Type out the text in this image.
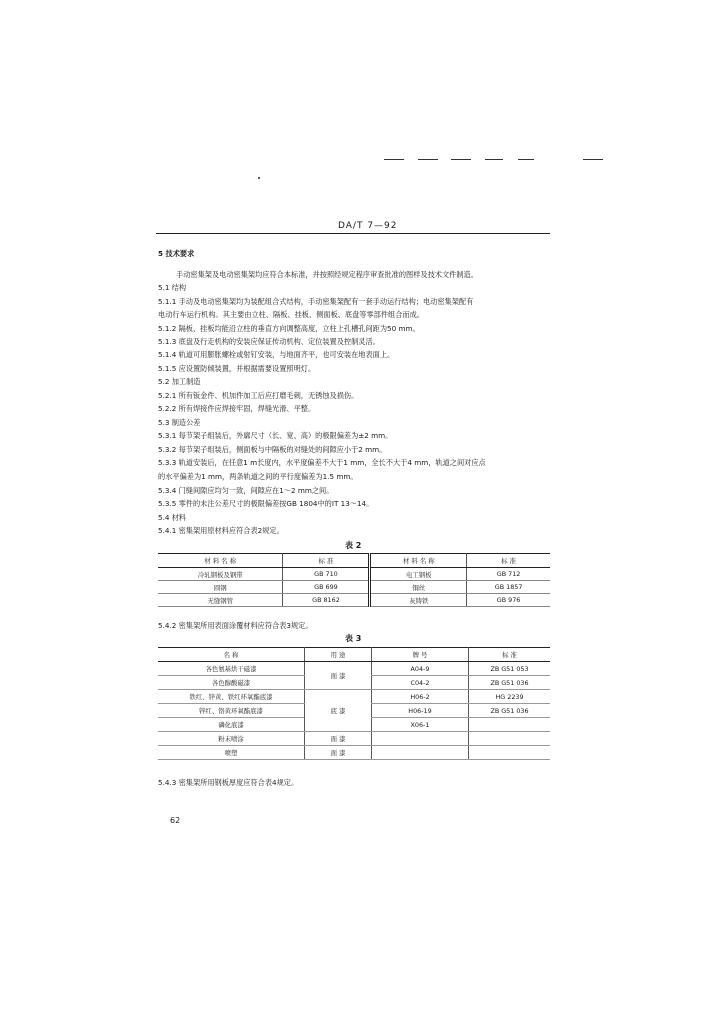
DA/T 7—92
5 技术要求
手动密集架及电动密集架均应符合本标准，并按照经规定程序审查批准的图样及技术文件制造。
5.1 结构
5.1.1 手动及电动密集架均为装配组合式结构，手动密集架配有一套手动运行结构；电动密集架配有
电动行车运行机构。其主要由立柱、隔板、挂板、侧面板、底盘等零部件组合而成。
5.1.2 隔板、挂板均能沿立柱的垂直方向调整高度，立柱上孔槽孔间距为50 mm。
5.1.3 底盘及行走机构的安装应保证传动机构、定位装置及控制灵活。
5.1.4 轨道可用膨胀螺栓或射钉安装，与地面齐平，也可安装在地表面上。
5.1.5 应设置防倾装置，并根据需要设置照明灯。
5.2 加工制造
5.2.1 所有钣金件、机加件加工后应打磨毛刺，无锈蚀及损伤。
5.2.2 所有焊接件应焊接牢固，焊缝光滑、平整。
5.3 制造公差
5.3.1 每节架子组装后，外廓尺寸（长、宽、高）的极限偏差为±2 mm。
5.3.2 每节架子组装后，侧面板与中隔板的对缝处的间隙应小于2 mm。
5.3.3 轨道安装后，在任意1 m长度内，水平度偏差不大于1 mm，全长不大于4 mm，轨道之间对应点
的水平偏差为1 mm，两条轨道之间的平行度偏差为1.5 mm。
5.3.4 门缝间隙应均匀一致，间隙应在1～2 mm之间。
5.3.5 零件的未注公差尺寸的极限偏差按GB 1804中的IT 13～14。
5.4 材料
5.4.1 密集架用原材料应符合表2规定。
表 2
材 料 名 称	标 准	材 料 名 称	标 准
冷轧钢板及钢带	GB 710	电工钢板	GB 712
圆钢	GB 699	铜丝	GB 1857
无缝钢管	GB 8162	灰铸铁	GB 976
5.4.2 密集架所用表面涂覆材料应符合表3规定。
表 3
名 称	用 途	牌 号	标 准
各色氨基烘干磁漆	面 漆	A04-9	ZB G51 053
各色醇酸磁漆		C04-2	ZB G51 036
铁红、锌黄、铁红环氧酯底漆	底 漆	H06-2	HG 2239
锌红、铬黄环氧酯底漆		H06-19	ZB G51 036
磷化底漆		X06-1	
粉末喷涂	面 漆		
喷塑	面 漆		
5.4.3 密集架所用钢板厚度应符合表4规定。
62
